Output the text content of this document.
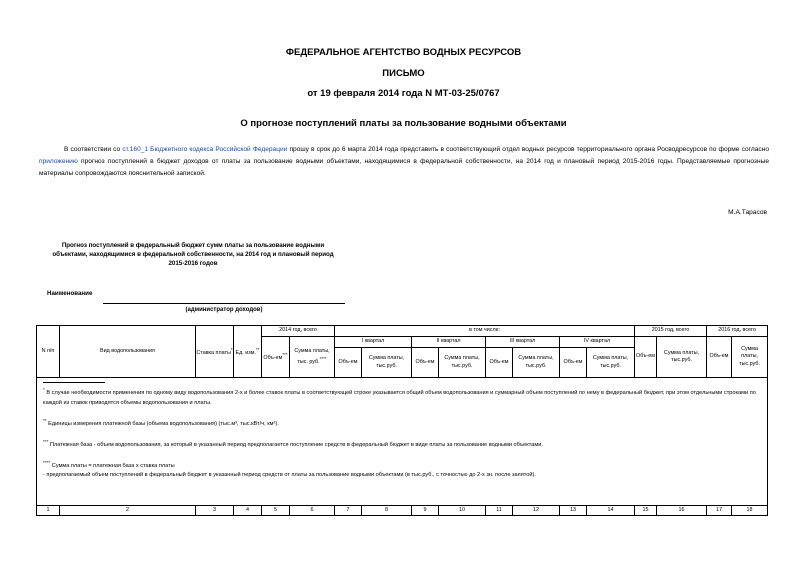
ФЕДЕРАЛЬНОЕ АГЕНТСТВО ВОДНЫХ РЕСУРСОВ
ПИСЬМО
от 19 февраля 2014 года N МТ-03-25/0767
О прогнозе поступлений платы за пользование водными объектами
В соответствии со ст.160_1 Бюджетного кодекса Российской Федерации прошу в срок до 6 марта 2014 года представить в соответствующий отдел водных ресурсов территориального органа Росводресурсов по форме согласно приложению прогноз поступлений в бюджет доходов от платы за пользование водными объектами, находящимися в федеральной собственности, на 2014 год и плановый период 2015-2016 годы. Представляемые прогнозные материалы сопровождаются пояснительной запиской.
М.А.Тарасов
Прогноз поступлений в федеральный бюджет сумм платы за пользование водными объектами, находящимися в федеральной собственности, на 2014 год и плановый период 2015-2016 годов
Наименование
(администратор доходов)
N п/п	Вид водопользования	Ставка платы*	Ед. изм.**	2014 год, всего		в том числе:								2015 год, всего		2016 год, всего	
				Объ-ем***	Сумма платы, тыс. руб.****	I квартал		II квартал		III квартал		IV квартал		Объ-ем	Сумма платы, тыс.руб.	Объ-ем	Сумма платы, тыс.руб.
						Объ-ем	Сумма платы, тыс.руб.	Объ-ем	Сумма платы, тыс.руб.	Объ-ем	Сумма платы, тыс.руб.	Объ-ем	Сумма платы, тыс.руб.				

* В случае необходимости применения по одному виду водопользования 2-х и более ставок платы в соответствующей строке указывается общий объем водопользования и суммарный объем поступлений по нему в федеральный бюджет, при этом отдельными строками по каждой из ставок приводятся объемы водопользования и платы.

** Единицы измерения платежной базы (объема водопользования) (тыс.м³, тыс.кВт/ч, км²).

*** Платежная база - объем водопользования, за который в указанный период предполагается поступление средств в федеральный бюджет в виде платы за пользование водными объектами.

**** Сумма платы = платежная база x ставка платы

- предполагаемый объем поступлений в федеральный бюджет в указанный период средств от платы за пользование водными объектами (в тыс.руб., с точностью до 2-х зн. после запятой).																	

1	2	3	4	5	6	7	8	9	10	11	12	13	14	15	16	17	18
